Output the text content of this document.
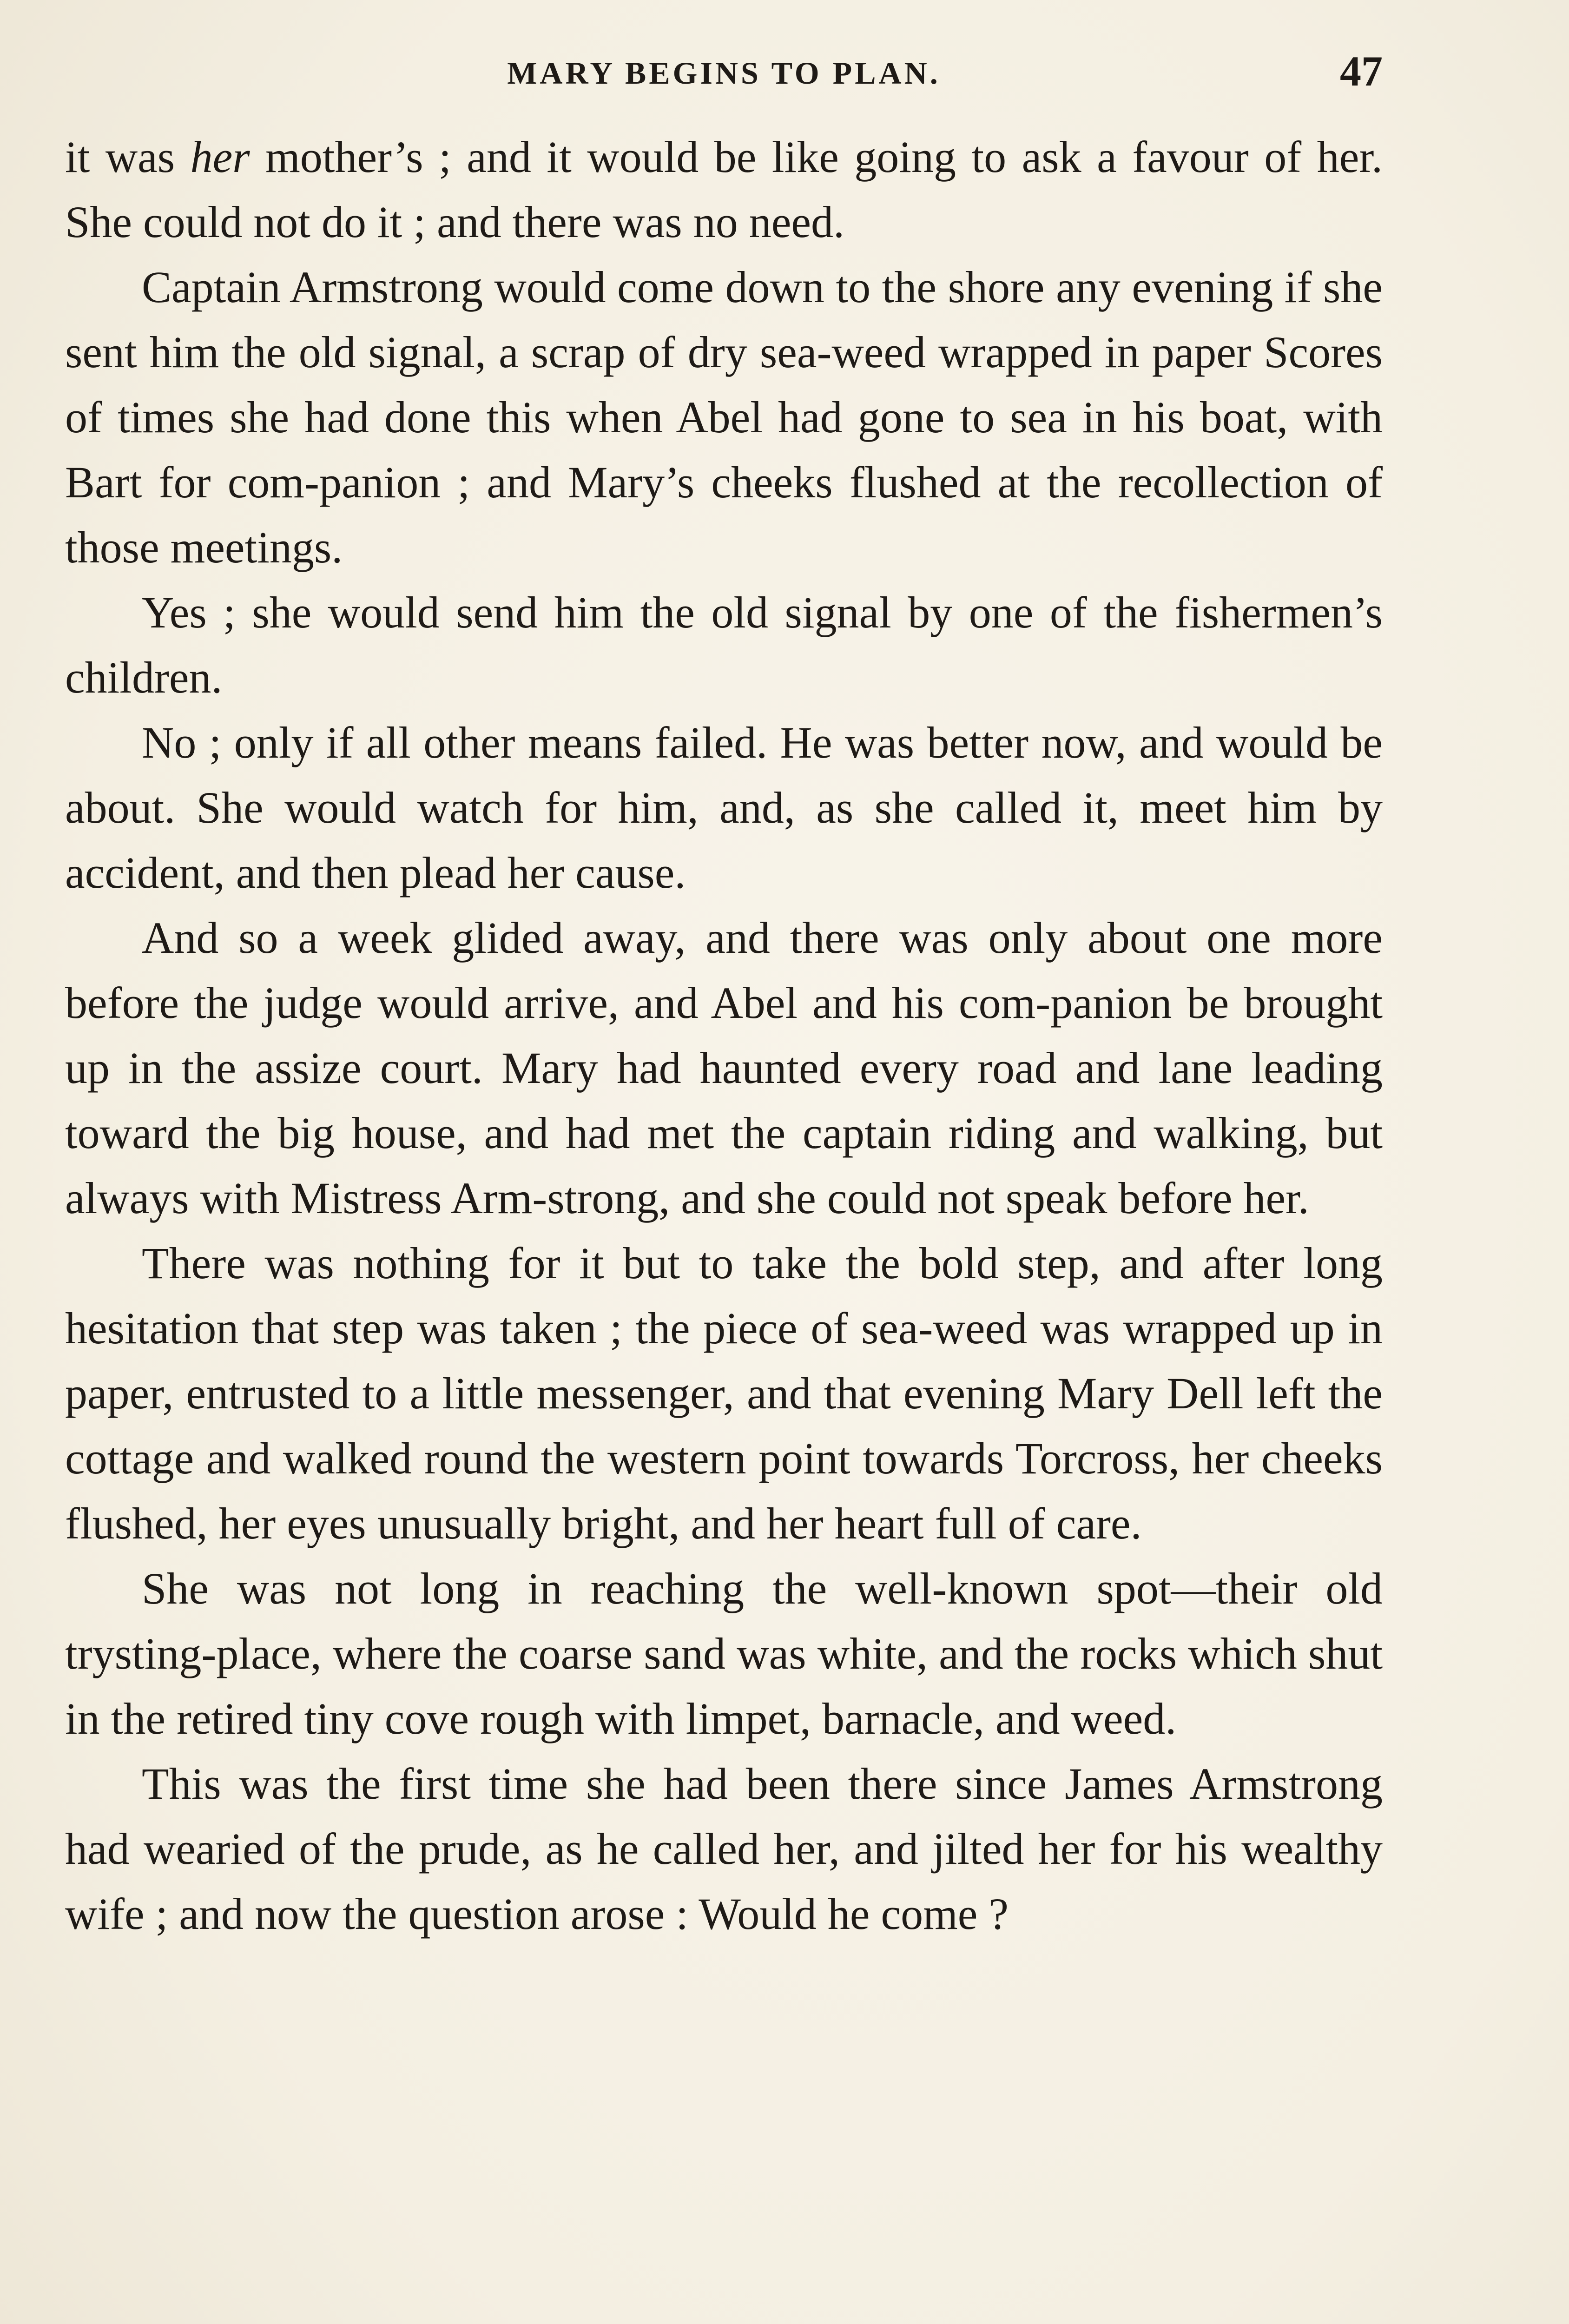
MARY BEGINS TO PLAN.	47

it was her mother’s ; and it would be like going to ask a favour of her. She could not do it ; and there was no need.

Captain Armstrong would come down to the shore any evening if she sent him the old signal, a scrap of dry sea-weed wrapped in paper Scores of times she had done this when Abel had gone to sea in his boat, with Bart for com-panion ; and Mary’s cheeks flushed at the recollection of those meetings.

Yes ; she would send him the old signal by one of the fishermen’s children.

No ; only if all other means failed. He was better now, and would be about. She would watch for him, and, as she called it, meet him by accident, and then plead her cause.

And so a week glided away, and there was only about one more before the judge would arrive, and Abel and his com-panion be brought up in the assize court. Mary had haunted every road and lane leading toward the big house, and had met the captain riding and walking, but always with Mistress Arm-strong, and she could not speak before her.

There was nothing for it but to take the bold step, and after long hesitation that step was taken ; the piece of sea-weed was wrapped up in paper, entrusted to a little messenger, and that evening Mary Dell left the cottage and walked round the western point towards Torcross, her cheeks flushed, her eyes unusually bright, and her heart full of care.

She was not long in reaching the well-known spot—their old trysting-place, where the coarse sand was white, and the rocks which shut in the retired tiny cove rough with limpet, barnacle, and weed.

This was the first time she had been there since James Armstrong had wearied of the prude, as he called her, and jilted her for his wealthy wife ; and now the question arose : Would he come ?
